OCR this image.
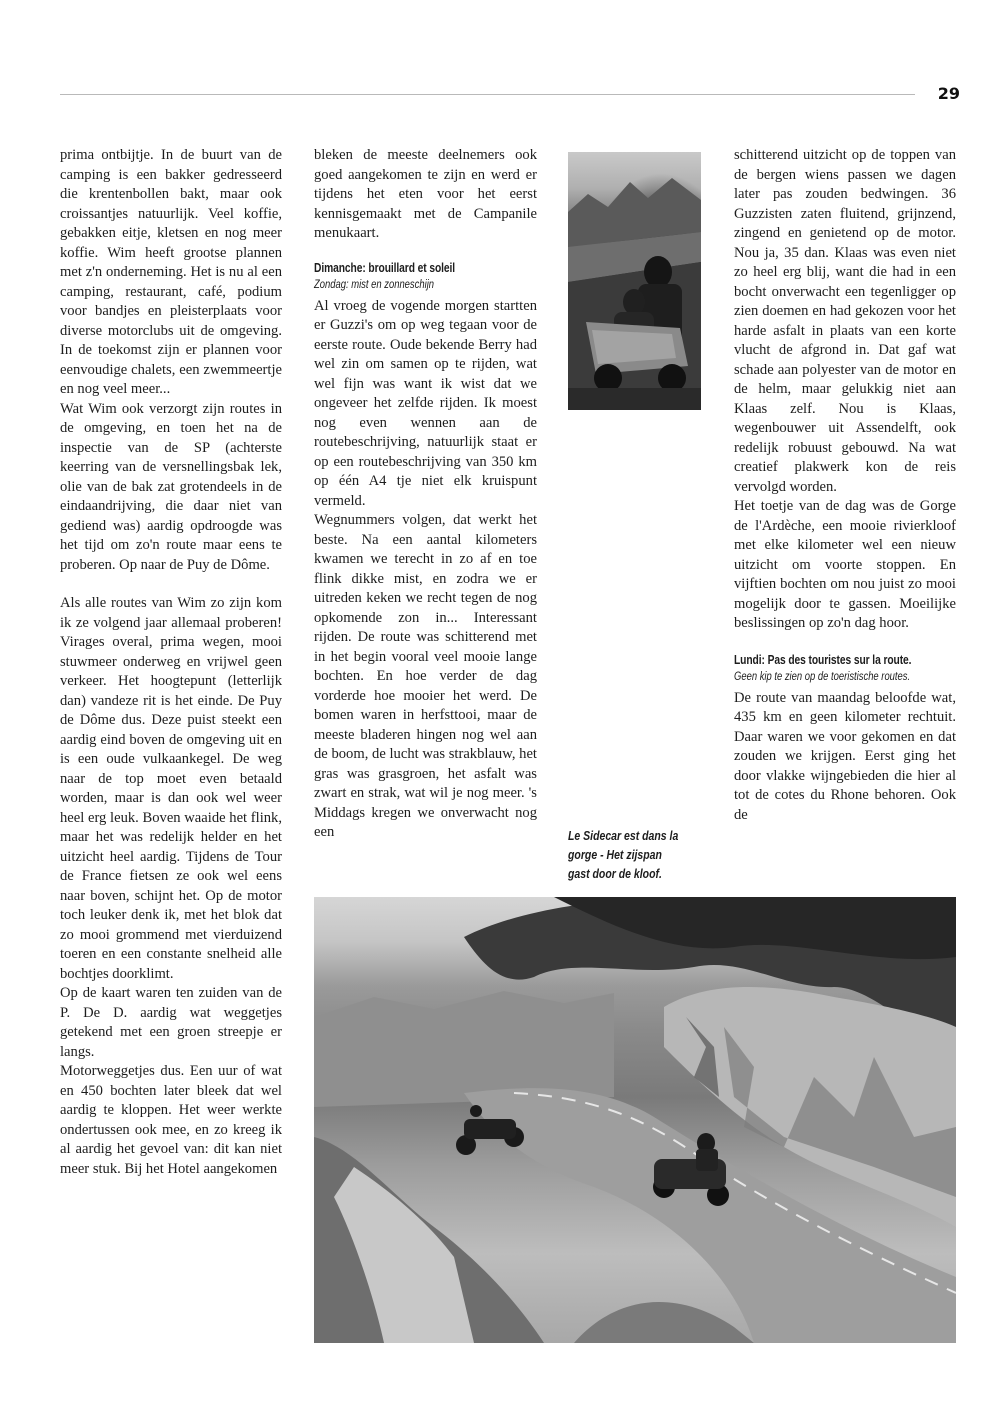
29

prima ontbijtje. In de buurt van de camping is een bakker gedresseerd die krentenbollen bakt, maar ook croissantjes natuurlijk. Veel koffie, gebakken eitje, kletsen en nog meer koffie. Wim heeft grootse plannen met z'n onderneming. Het is nu al een camping, restaurant, café, podium voor bandjes en pleisterplaats voor diverse motorclubs uit de omgeving. In de toekomst zijn er plannen voor eenvoudige chalets, een zwemmeertje en nog veel meer...

Wat Wim ook verzorgt zijn routes in de omgeving, en toen het na de inspectie van de SP (achterste keerring van de versnellingsbak lek, olie van de bak zat grotendeels in de eindaandrijving, die daar niet van gediend was) aardig opdroogde was het tijd om zo'n route maar eens te proberen. Op naar de Puy de Dôme.

Als alle routes van Wim zo zijn kom ik ze volgend jaar allemaal proberen! Virages overal, prima wegen, mooi stuwmeer onderweg en vrijwel geen verkeer. Het hoogtepunt (letterlijk dan) vandeze rit is het einde. De Puy de Dôme dus. Deze puist steekt een aardig eind boven de omgeving uit en is een oude vulkaankegel. De weg naar de top moet even betaald worden, maar is dan ook wel weer heel erg leuk. Boven waaide het flink, maar het was redelijk helder en het uitzicht heel aardig. Tijdens de Tour de France fietsen ze ook wel eens naar boven, schijnt het. Op de motor toch leuker denk ik, met het blok dat zo mooi grommend met vierduizend toeren en een constante snelheid alle bochtjes doorklimt.

Op de kaart waren ten zuiden van de P. De D. aardig wat weggetjes getekend met een groen streepje er langs.

Motorweggetjes dus. Een uur of wat en 450 bochten later bleek dat wel aardig te kloppen. Het weer werkte ondertussen ook mee, en zo kreeg ik al aardig het gevoel van: dit kan niet meer stuk. Bij het Hotel aangekomen

bleken de meeste deelnemers ook goed aangekomen te zijn en werd er tijdens het eten voor het eerst kennisgemaakt met de Campanile menukaart.

Dimanche: brouillard et soleil
Zondag: mist en zonneschijn

Al vroeg de vogende morgen startten er Guzzi's om op weg tegaan voor de eerste route. Oude bekende Berry had wel zin om samen op te rijden, wat wel fijn was want ik wist dat we ongeveer het zelfde rijden. Ik moest nog even wennen aan de routebeschrijving, natuurlijk staat er op een routebeschrijving van 350 km op één A4 tje niet elk kruispunt vermeld.

Wegnummers volgen, dat werkt het beste. Na een aantal kilometers kwamen we terecht in zo af en toe flink dikke mist, en zodra we er uitreden keken we recht tegen de nog opkomende zon in... Interessant rijden. De route was schitterend met in het begin vooral veel mooie lange bochten. En hoe verder de dag vorderde hoe mooier het werd. De bomen waren in herfsttooi, maar de meeste bladeren hingen nog wel aan de boom, de lucht was strakblauw, het gras was grasgroen, het asfalt was zwart en strak, wat wil je nog meer. 's Middags kregen we onverwacht nog een	Le Sidecar est dans la gorge - Het zijspan gast door de kloof.

schitterend uitzicht op de toppen van de bergen wiens passen we dagen later pas zouden bedwingen. 36 Guzzisten zaten fluitend, grijnzend, zingend en genietend op de motor. Nou ja, 35 dan. Klaas was even niet zo heel erg blij, want die had in een bocht onverwacht een tegenligger op zien doemen en had gekozen voor het harde asfalt in plaats van een korte vlucht de afgrond in. Dat gaf wat schade aan polyester van de motor en de helm, maar gelukkig niet aan Klaas zelf. Nou is Klaas, wegenbouwer uit Assendelft, ook redelijk robuust gebouwd. Na wat creatief plakwerk kon de reis vervolgd worden.

Het toetje van de dag was de Gorge de l'Ardèche, een mooie rivierkloof met elke kilometer wel een nieuw uitzicht om voorte stoppen. En vijftien bochten om nou juist zo mooi mogelijk door te gassen. Moeilijke beslissingen op zo'n dag hoor.

Lundi: Pas des touristes sur la route.
Geen kip te zien op de toeristische routes.

De route van maandag beloofde wat, 435 km en geen kilometer rechtuit. Daar waren we voor gekomen en dat zouden we krijgen. Eerst ging het door vlakke wijngebieden die hier al tot de cotes du Rhone behoren. Ook de
